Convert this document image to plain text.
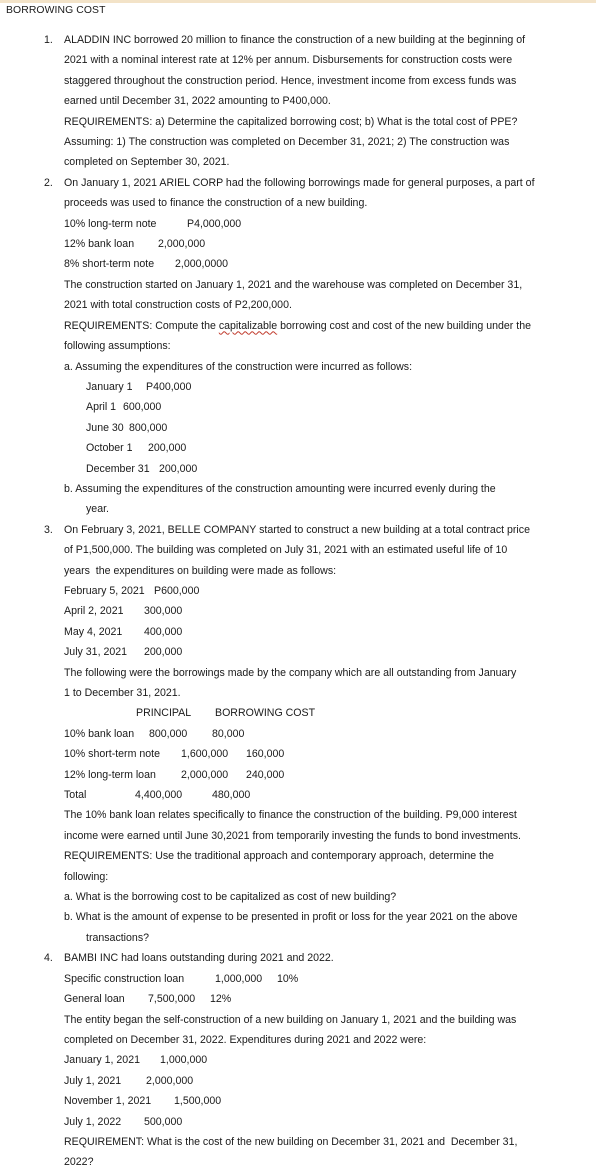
BORROWING COST
1. ALADDIN INC borrowed 20 million to finance the construction of a new building at the beginning of
2021 with a nominal interest rate at 12% per annum. Disbursements for construction costs were
staggered throughout the construction period. Hence, investment income from excess funds was
earned until December 31, 2022 amounting to P400,000.
REQUIREMENTS: a) Determine the capitalized borrowing cost; b) What is the total cost of PPE?
Assuming: 1) The construction was completed on December 31, 2021; 2) The construction was
completed on September 30, 2021.
2. On January 1, 2021 ARIEL CORP had the following borrowings made for general purposes, a part of
proceeds was used to finance the construction of a new building.
10% long-term note	P4,000,000
12% bank loan 2,000,000
8% short-term note 2,000,0000
The construction started on January 1, 2021 and the warehouse was completed on December 31,
2021 with total construction costs of P2,200,000.
REQUIREMENTS: Compute the capitalizable borrowing cost and cost of the new building under the
following assumptions:
a. Assuming the expenditures of the construction were incurred as follows:
January 1 P400,000
April 1 600,000
June 30 800,000
October 1 200,000
December 31 200,000
b. Assuming the expenditures of the construction amounting were incurred evenly during the
year.
3. On February 3, 2021, BELLE COMPANY started to construct a new building at a total contract price
of P1,500,000. The building was completed on July 31, 2021 with an estimated useful life of 10
years  the expenditures on building were made as follows:
February 5, 2021 P600,000
April 2, 2021 300,000
May 4, 2021 400,000
July 31, 2021 200,000
The following were the borrowings made by the company which are all outstanding from January
1 to December 31, 2021.
PRINCIPAL BORROWING COST
10% bank loan 800,000 80,000
10% short-term note 1,600,000 160,000
12% long-term loan 2,000,000 240,000
Total	4,400,000	480,000
The 10% bank loan relates specifically to finance the construction of the building. P9,000 interest
income were earned until June 30,2021 from temporarily investing the funds to bond investments.
REQUIREMENTS: Use the traditional approach and contemporary approach, determine the
following:
a. What is the borrowing cost to be capitalized as cost of new building?
b. What is the amount of expense to be presented in profit or loss for the year 2021 on the above
transactions?
4. BAMBI INC had loans outstanding during 2021 and 2022.
Specific construction loan	1,000,000 10%
General loan 7,500,000 12%
The entity began the self-construction of a new building on January 1, 2021 and the building was
completed on December 31, 2022. Expenditures during 2021 and 2022 were:
January 1, 2021 1,000,000
July 1, 2021 2,000,000
November 1, 2021 1,500,000
July 1, 2022 500,000
REQUIREMENT: What is the cost of the new building on December 31, 2021 and  December 31,
2022?
